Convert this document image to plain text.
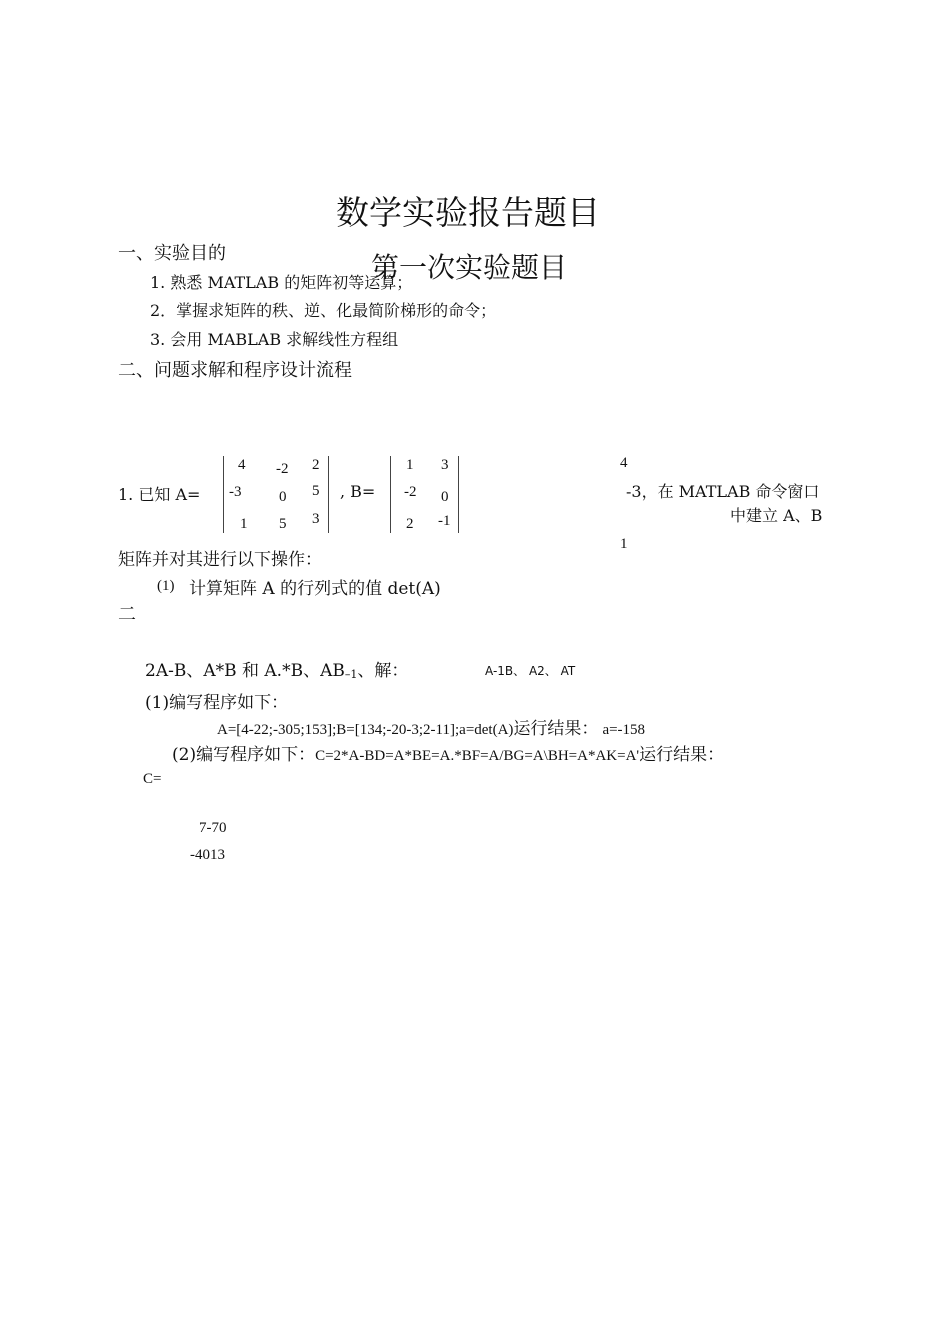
数学实验报告题目
第一次实验题目
一、实验目的
1. 熟悉 MATLAB 的矩阵初等运算；
2．掌握求矩阵的秩、逆、化最简阶梯形的命令；
3. 会用 MABLAB 求解线性方程组
二、问题求解和程序设计流程
1. 已知 A=
4 -2 2
-3	0 5
1 5 3
, B=
1 3
-2 0
2 -1
4
-3，在 MATLAB 命令窗口
中建立 A、B
1
矩阵并对其进行以下操作：
(1) 计算矩阵 A 的行列式的值 det(A)
二
2A-B、A*B 和 A.*B、AB–1、解：	A-1B、 A2、 AT
(1)编写程序如下：
A=[4-22;-305;153];B=[134;-20-3;2-11];a=det(A)运行结果： a=-158
(2)编写程序如下：C=2*A-BD=A*BE=A.*BF=A/BG=A\BH=A*AK=A'运行结果：
C=
7-70
-4013
